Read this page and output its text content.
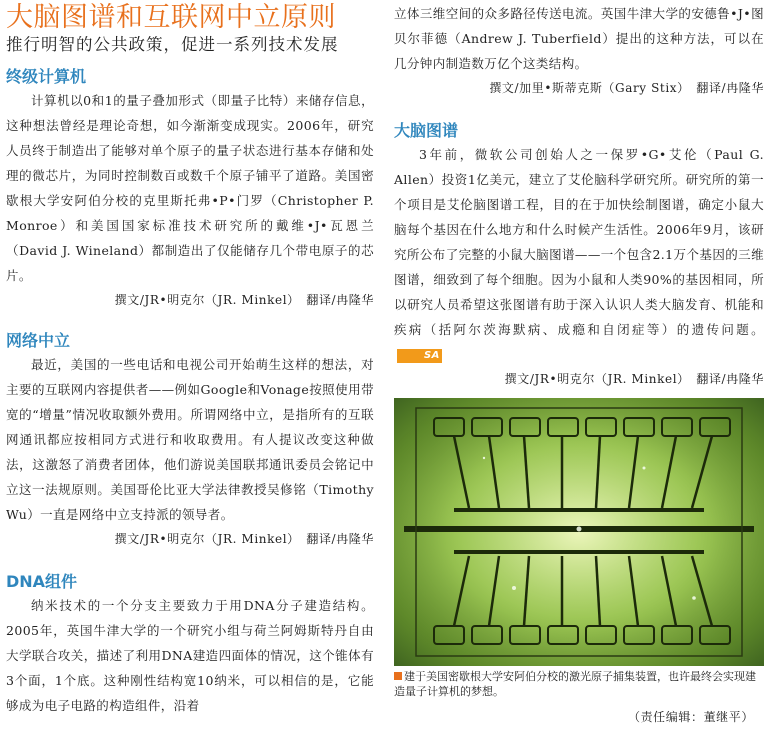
大脑图谱和互联网中立原则
推行明智的公共政策，促进一系列技术发展
终级计算机

计算机以0和1的量子叠加形式（即量子比特）来储存信息，这种想法曾经是理论奇想，如今渐渐变成现实。2006年，研究人员终于制造出了能够对单个原子的量子状态进行基本存储和处理的微芯片，为同时控制数百或数千个原子铺平了道路。美国密歇根大学安阿伯分校的克里斯托弗•P•门罗（Christopher P. Monroe）和美国国家标准技术研究所的戴维•J•瓦恩兰（David J. Wineland）都制造出了仅能储存几个带电原子的芯片。

撰文/JR•明克尔（JR. Minkel）　翻译/冉隆华

网络中立

最近，美国的一些电话和电视公司开始萌生这样的想法，对主要的互联网内容提供者——例如Google和Vonage按照使用带宽的“增量”情况收取额外费用。所谓网络中立，是指所有的互联网通讯都应按相同方式进行和收取费用。有人提议改变这种做法，这激怒了消费者团体，他们游说美国联邦通讯委员会铭记中立这一法规原则。美国哥伦比亚大学法律教授吴修铭（Timothy Wu）一直是网络中立支持派的领导者。

撰文/JR•明克尔（JR. Minkel）　翻译/冉隆华

DNA组件

纳米技术的一个分支主要致力于用DNA分子建造结构。2005年，英国牛津大学的一个研究小组与荷兰阿姆斯特丹自由大学联合攻关，描述了利用DNA建造四面体的情况，这个锥体有3个面，1个底。这种刚性结构宽10纳米，可以相信的是，它能够成为电子电路的构造组件，沿着

立体三维空间的众多路径传送电流。英国牛津大学的安德鲁•J•图贝尔菲德（Andrew J. Tuberfield）提出的这种方法，可以在几分钟内制造数万亿个这类结构。

撰文/加里•斯蒂克斯（Gary Stix）　翻译/冉隆华

大脑图谱

3年前，微软公司创始人之一保罗•G•艾伦（Paul G. Allen）投资1亿美元，建立了艾伦脑科学研究所。研究所的第一个项目是艾伦脑图谱工程，目的在于加快绘制图谱，确定小鼠大脑每个基因在什么地方和什么时候产生活性。2006年9月，该研究所公布了完整的小鼠大脑图谱——一个包含2.1万个基因的三维图谱，细致到了每个细胞。因为小鼠和人类90%的基因相同，所以研究人员希望这张图谱有助于深入认识人类大脑发育、机能和疾病（括阿尔茨海默病、成瘾和自闭症等）的遗传问题。SA

撰文/JR•明克尔（JR. Minkel）　翻译/冉隆华

建于美国密歇根大学安阿伯分校的激光原子捕集装置，也许最终会实现建造量子计算机的梦想。

（责任编辑：董继平）
